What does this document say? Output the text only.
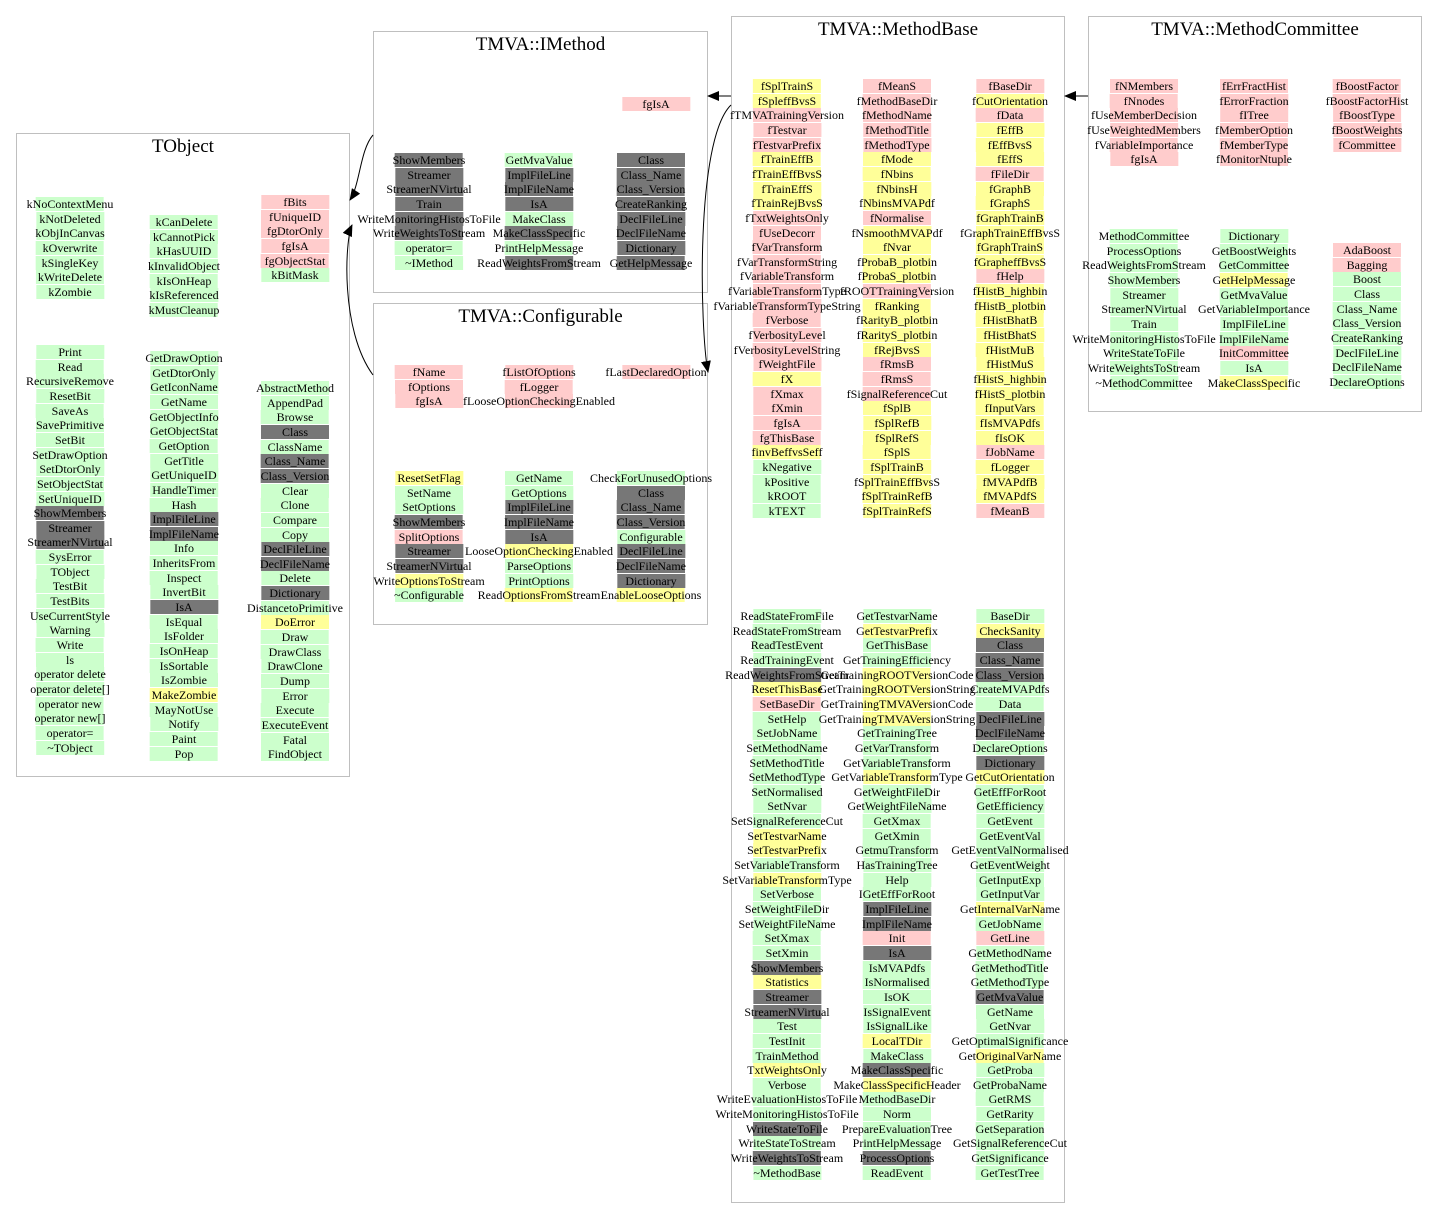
TObject
kNoContextMenu
kNotDeleted
kObjInCanvas
kOverwrite
kSingleKey
kWriteDelete
kZombie
kCanDelete
kCannotPick
kHasUUID
kInvalidObject
kIsOnHeap
kIsReferenced
kMustCleanup
fBits
fUniqueID
fgDtorOnly
fgIsA
fgObjectStat
kBitMask
Print
Read
RecursiveRemove
ResetBit
SaveAs
SavePrimitive
SetBit
SetDrawOption
SetDtorOnly
SetObjectStat
SetUniqueID
ShowMembers
Streamer
StreamerNVirtual
SysError
TObject
TestBit
TestBits
UseCurrentStyle
Warning
Write
ls
operator delete
operator delete[]
operator new
operator new[]
operator=
~TObject
GetDrawOption
GetDtorOnly
GetIconName
GetName
GetObjectInfo
GetObjectStat
GetOption
GetTitle
GetUniqueID
HandleTimer
Hash
ImplFileLine
ImplFileName
Info
InheritsFrom
Inspect
InvertBit
IsA
IsEqual
IsFolder
IsOnHeap
IsSortable
IsZombie
MakeZombie
MayNotUse
Notify
Paint
Pop
AbstractMethod
AppendPad
Browse
Class
ClassName
Class_Name
Class_Version
Clear
Clone
Compare
Copy
DeclFileLine
DeclFileName
Delete
Dictionary
DistancetoPrimitive
DoError
Draw
DrawClass
DrawClone
Dump
Error
Execute
ExecuteEvent
Fatal
FindObject
TMVA::IMethod
fgIsA
ShowMembers
Streamer
StreamerNVirtual
Train
WriteMonitoringHistosToFile
WriteWeightsToStream
operator=
~IMethod
GetMvaValue
ImplFileLine
ImplFileName
IsA
MakeClass
MakeClassSpecific
PrintHelpMessage
ReadWeightsFromStream
Class
Class_Name
Class_Version
CreateRanking
DeclFileLine
DeclFileName
Dictionary
GetHelpMessage
TMVA::Configurable
fName
fOptions
fgIsA
fListOfOptions
fLogger
fLooseOptionCheckingEnabled
fLastDeclaredOption
ResetSetFlag
SetName
SetOptions
ShowMembers
SplitOptions
Streamer
StreamerNVirtual
WriteOptionsToStream
~Configurable
GetName
GetOptions
ImplFileLine
ImplFileName
IsA
LooseOptionCheckingEnabled
ParseOptions
PrintOptions
ReadOptionsFromStream
CheckForUnusedOptions
Class
Class_Name
Class_Version
Configurable
DeclFileLine
DeclFileName
Dictionary
EnableLooseOptions
TMVA::MethodBase
fSplTrainS
fSpleffBvsS
fTMVATrainingVersion
fTestvar
fTestvarPrefix
fTrainEffB
fTrainEffBvsS
fTrainEffS
fTrainRejBvsS
fTxtWeightsOnly
fUseDecorr
fVarTransform
fVarTransformString
fVariableTransform
fVariableTransformType
fVariableTransformTypeString
fVerbose
fVerbosityLevel
fVerbosityLevelString
fWeightFile
fX
fXmax
fXmin
fgIsA
fgThisBase
finvBeffvsSeff
kNegative
kPositive
kROOT
kTEXT
fMeanS
fMethodBaseDir
fMethodName
fMethodTitle
fMethodType
fMode
fNbins
fNbinsH
fNbinsMVAPdf
fNormalise
fNsmoothMVAPdf
fNvar
fProbaB_plotbin
fProbaS_plotbin
fROOTTrainingVersion
fRanking
fRarityB_plotbin
fRarityS_plotbin
fRejBvsS
fRmsB
fRmsS
fSignalReferenceCut
fSplB
fSplRefB
fSplRefS
fSplS
fSplTrainB
fSplTrainEffBvsS
fSplTrainRefB
fSplTrainRefS
fBaseDir
fCutOrientation
fData
fEffB
fEffBvsS
fEffS
fFileDir
fGraphB
fGraphS
fGraphTrainB
fGraphTrainEffBvsS
fGraphTrainS
fGrapheffBvsS
fHelp
fHistB_highbin
fHistB_plotbin
fHistBhatB
fHistBhatS
fHistMuB
fHistMuS
fHistS_highbin
fHistS_plotbin
fInputVars
fIsMVAPdfs
fIsOK
fJobName
fLogger
fMVAPdfB
fMVAPdfS
fMeanB
ReadStateFromFile
ReadStateFromStream
ReadTestEvent
ReadTrainingEvent
ReadWeightsFromStream
ResetThisBase
SetBaseDir
SetHelp
SetJobName
SetMethodName
SetMethodTitle
SetMethodType
SetNormalised
SetNvar
SetSignalReferenceCut
SetTestvarName
SetTestvarPrefix
SetVariableTransform
SetVariableTransformType
SetVerbose
SetWeightFileDir
SetWeightFileName
SetXmax
SetXmin
ShowMembers
Statistics
Streamer
StreamerNVirtual
Test
TestInit
TrainMethod
TxtWeightsOnly
Verbose
WriteEvaluationHistosToFile
WriteMonitoringHistosToFile
WriteStateToFile
WriteStateToStream
WriteWeightsToStream
~MethodBase
GetTestvarName
GetTestvarPrefix
GetThisBase
GetTrainingEfficiency
GetTrainingROOTVersionCode
GetTrainingROOTVersionString
GetTrainingTMVAVersionCode
GetTrainingTMVAVersionString
GetTrainingTree
GetVarTransform
GetVariableTransform
GetVariableTransformType
GetWeightFileDir
GetWeightFileName
GetXmax
GetXmin
GetmuTransform
HasTrainingTree
Help
IGetEffForRoot
ImplFileLine
ImplFileName
Init
IsA
IsMVAPdfs
IsNormalised
IsOK
IsSignalEvent
IsSignalLike
LocalTDir
MakeClass
MakeClassSpecific
MakeClassSpecificHeader
MethodBaseDir
Norm
PrepareEvaluationTree
PrintHelpMessage
ProcessOptions
ReadEvent
BaseDir
CheckSanity
Class
Class_Name
Class_Version
CreateMVAPdfs
Data
DeclFileLine
DeclFileName
DeclareOptions
Dictionary
GetCutOrientation
GetEffForRoot
GetEfficiency
GetEvent
GetEventVal
GetEventValNormalised
GetEventWeight
GetInputExp
GetInputVar
GetInternalVarName
GetJobName
GetLine
GetMethodName
GetMethodTitle
GetMethodType
GetMvaValue
GetName
GetNvar
GetOptimalSignificance
GetOriginalVarName
GetProba
GetProbaName
GetRMS
GetRarity
GetSeparation
GetSignalReferenceCut
GetSignificance
GetTestTree
TMVA::MethodCommittee
fNMembers
fNnodes
fUseMemberDecision
fUseWeightedMembers
fVariableImportance
fgIsA
fErrFractHist
fErrorFraction
fITree
fMemberOption
fMemberType
fMonitorNtuple
fBoostFactor
fBoostFactorHist
fBoostType
fBoostWeights
fCommittee
MethodCommittee
ProcessOptions
ReadWeightsFromStream
ShowMembers
Streamer
StreamerNVirtual
Train
WriteMonitoringHistosToFile
WriteStateToFile
WriteWeightsToStream
~MethodCommittee
Dictionary
GetBoostWeights
GetCommittee
GetHelpMessage
GetMvaValue
GetVariableImportance
ImplFileLine
ImplFileName
InitCommittee
IsA
MakeClassSpecific
AdaBoost
Bagging
Boost
Class
Class_Name
Class_Version
CreateRanking
DeclFileLine
DeclFileName
DeclareOptions
